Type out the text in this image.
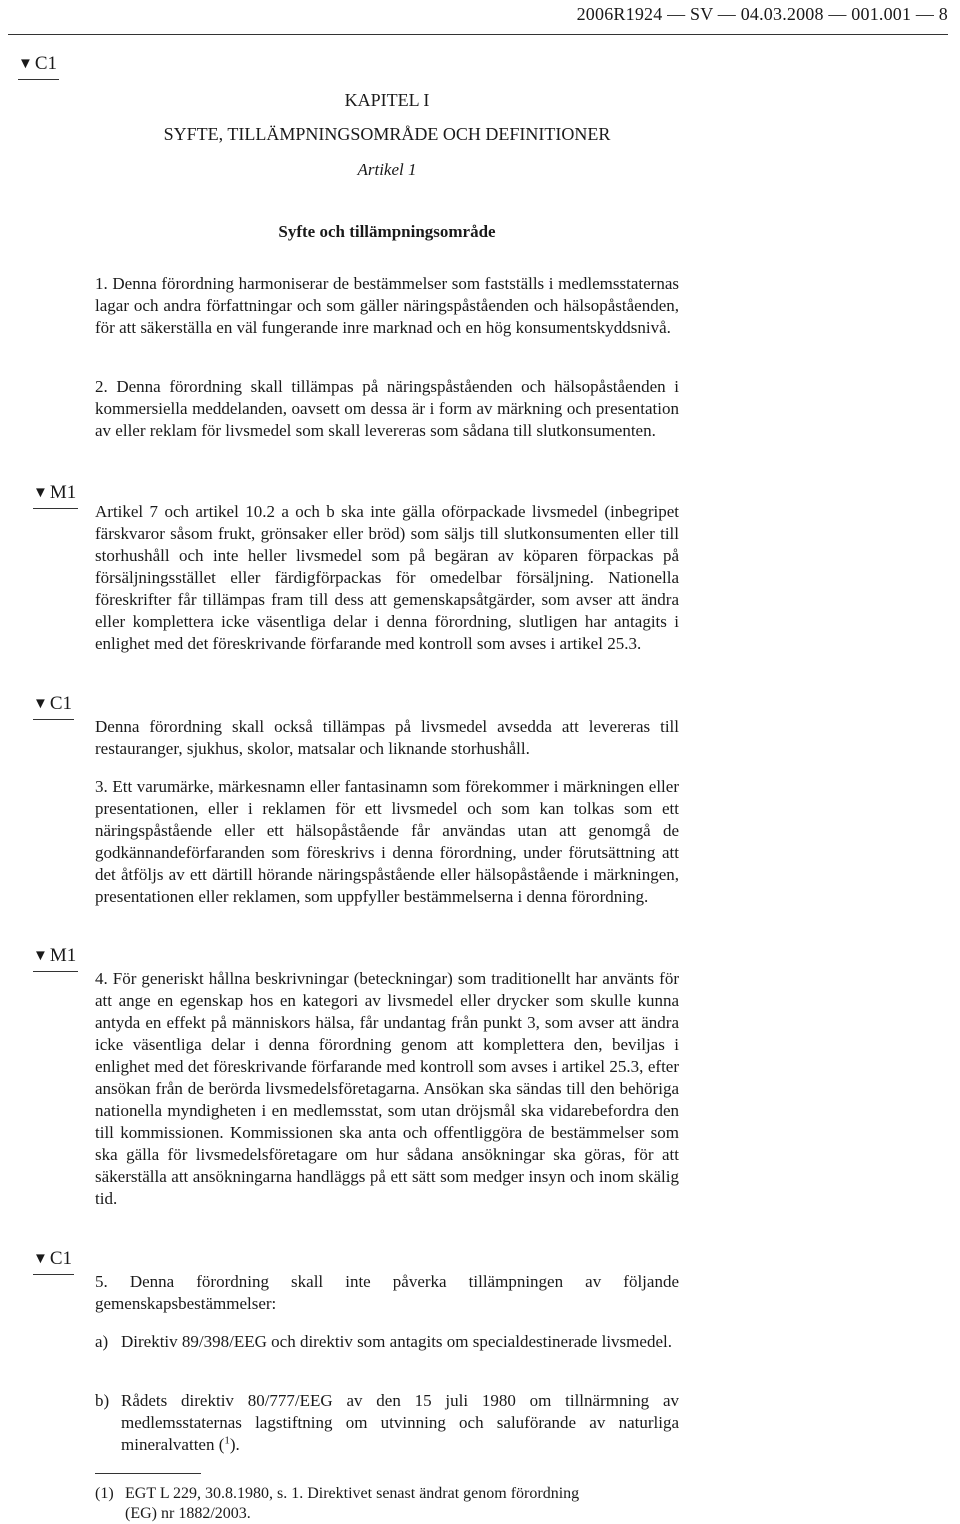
2006R1924 — SV — 04.03.2008 — 001.001 — 8
▼ C1
KAPITEL I
SYFTE, TILLÄMPNINGSOMRÅDE OCH DEFINITIONER
Artikel 1
Syfte och tillämpningsområde

1. Denna förordning harmoniserar de bestämmelser som fastställs i medlemsstaternas lagar och andra författningar och som gäller näringspåståenden och hälsopåståenden, för att säkerställa en väl fungerande inre marknad och en hög konsumentskyddsnivå.

2. Denna förordning skall tillämpas på näringspåståenden och hälsopåståenden i kommersiella meddelanden, oavsett om dessa är i form av märkning och presentation av eller reklam för livsmedel som skall levereras som sådana till slutkonsumenten.

▼ M1

Artikel 7 och artikel 10.2 a och b ska inte gälla oförpackade livsmedel (inbegripet färskvaror såsom frukt, grönsaker eller bröd) som säljs till slutkonsumenten eller till storhushåll och inte heller livsmedel som på begäran av köparen förpackas på försäljningsstället eller färdigförpackas för omedelbar försäljning. Nationella föreskrifter får tillämpas fram till dess att gemenskapsåtgärder, som avser att ändra eller komplettera icke väsentliga delar i denna förordning, slutligen har antagits i enlighet med det föreskrivande förfarande med kontroll som avses i artikel 25.3.

▼ C1

Denna förordning skall också tillämpas på livsmedel avsedda att levereras till restauranger, sjukhus, skolor, matsalar och liknande storhushåll.

3. Ett varumärke, märkesnamn eller fantasinamn som förekommer i märkningen eller presentationen, eller i reklamen för ett livsmedel och som kan tolkas som ett näringspåstående eller ett hälsopåstående får användas utan att genomgå de godkännandeförfaranden som föreskrivs i denna förordning, under förutsättning att det åtföljs av ett därtill hörande näringspåstående eller hälsopåstående i märkningen, presentationen eller reklamen, som uppfyller bestämmelserna i denna förordning.

▼ M1

4. För generiskt hållna beskrivningar (beteckningar) som traditionellt har använts för att ange en egenskap hos en kategori av livsmedel eller drycker som skulle kunna antyda en effekt på människors hälsa, får undantag från punkt 3, som avser att ändra icke väsentliga delar i denna förordning genom att komplettera den, beviljas i enlighet med det föreskrivande förfarande med kontroll som avses i artikel 25.3, efter ansökan från de berörda livsmedelsföretagarna. Ansökan ska sändas till den behöriga nationella myndigheten i en medlemsstat, som utan dröjsmål ska vidarebefordra den till kommissionen. Kommissionen ska anta och offentliggöra de bestämmelser som ska gälla för livsmedelsföretagare om hur sådana ansökningar ska göras, för att säkerställa att ansökningarna handläggs på ett sätt som medger insyn och inom skälig tid.

▼ C1

5. Denna förordning skall inte påverka tillämpningen av följande gemenskapsbestämmelser:

a) Direktiv 89/398/EEG och direktiv som antagits om specialdestinerade livsmedel.
b) Rådets direktiv 80/777/EEG av den 15 juli 1980 om tillnärmning av medlemsstaternas lagstiftning om utvinning och saluförande av naturliga mineralvatten ($^1$).
(1) EGT L 229, 30.8.1980, s. 1. Direktivet senast ändrat genom förordning
(EG) nr 1882/2003.
